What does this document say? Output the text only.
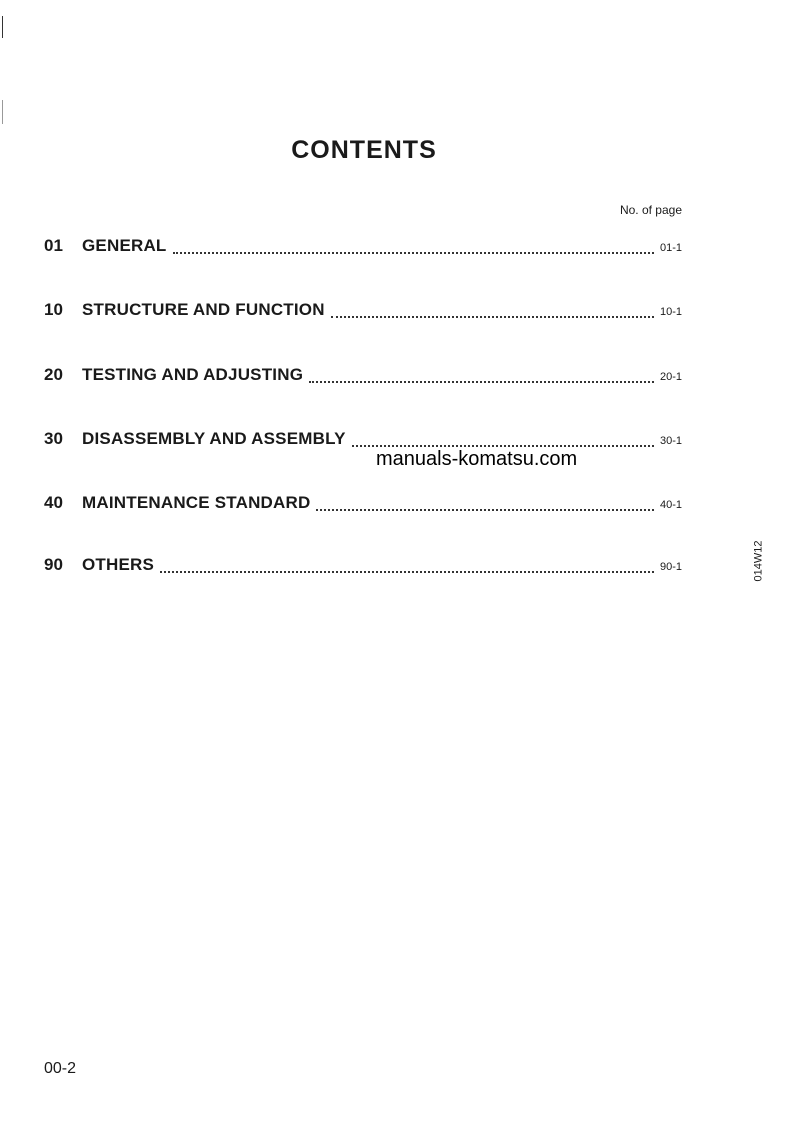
CONTENTS
No. of page
01	GENERAL	01-1
10	STRUCTURE AND FUNCTION	10-1
20	TESTING AND ADJUSTING	20-1
30	DISASSEMBLY AND ASSEMBLY	30-1
manuals-komatsu.com
40	MAINTENANCE STANDARD	40-1
90	OTHERS	90-1	014W12
00-2
